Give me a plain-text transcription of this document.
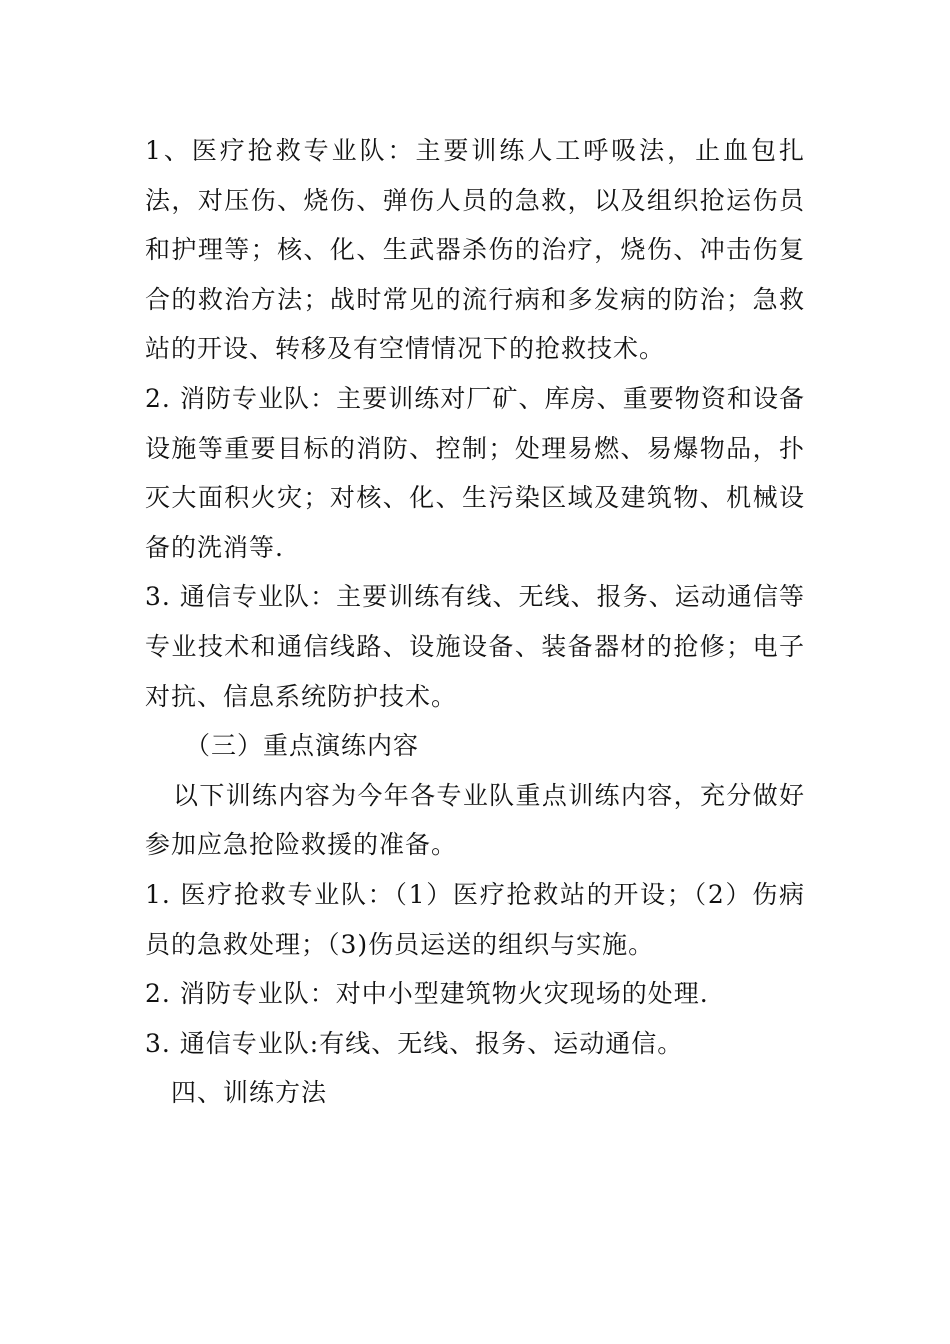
1、医疗抢救专业队：主要训练人工呼吸法，止血包扎法，对压伤、烧伤、弹伤人员的急救，以及组织抢运伤员和护理等；核、化、生武器杀伤的治疗，烧伤、冲击伤复合的救治方法；战时常见的流行病和多发病的防治；急救站的开设、转移及有空情情况下的抢救技术。

2. 消防专业队：主要训练对厂矿、库房、重要物资和设备设施等重要目标的消防、控制；处理易燃、易爆物品，扑灭大面积火灾；对核、化、生污染区域及建筑物、机械设备的洗消等.

3. 通信专业队：主要训练有线、无线、报务、运动通信等专业技术和通信线路、设施设备、装备器材的抢修；电子对抗、信息系统防护技术。

（三）重点演练内容

以下训练内容为今年各专业队重点训练内容，充分做好参加应急抢险救援的准备。

1. 医疗抢救专业队：（1）医疗抢救站的开设；（2）伤病员的急救处理；（3)伤员运送的组织与实施。

2. 消防专业队：对中小型建筑物火灾现场的处理.

3. 通信专业队:有线、无线、报务、运动通信。

四、训练方法
